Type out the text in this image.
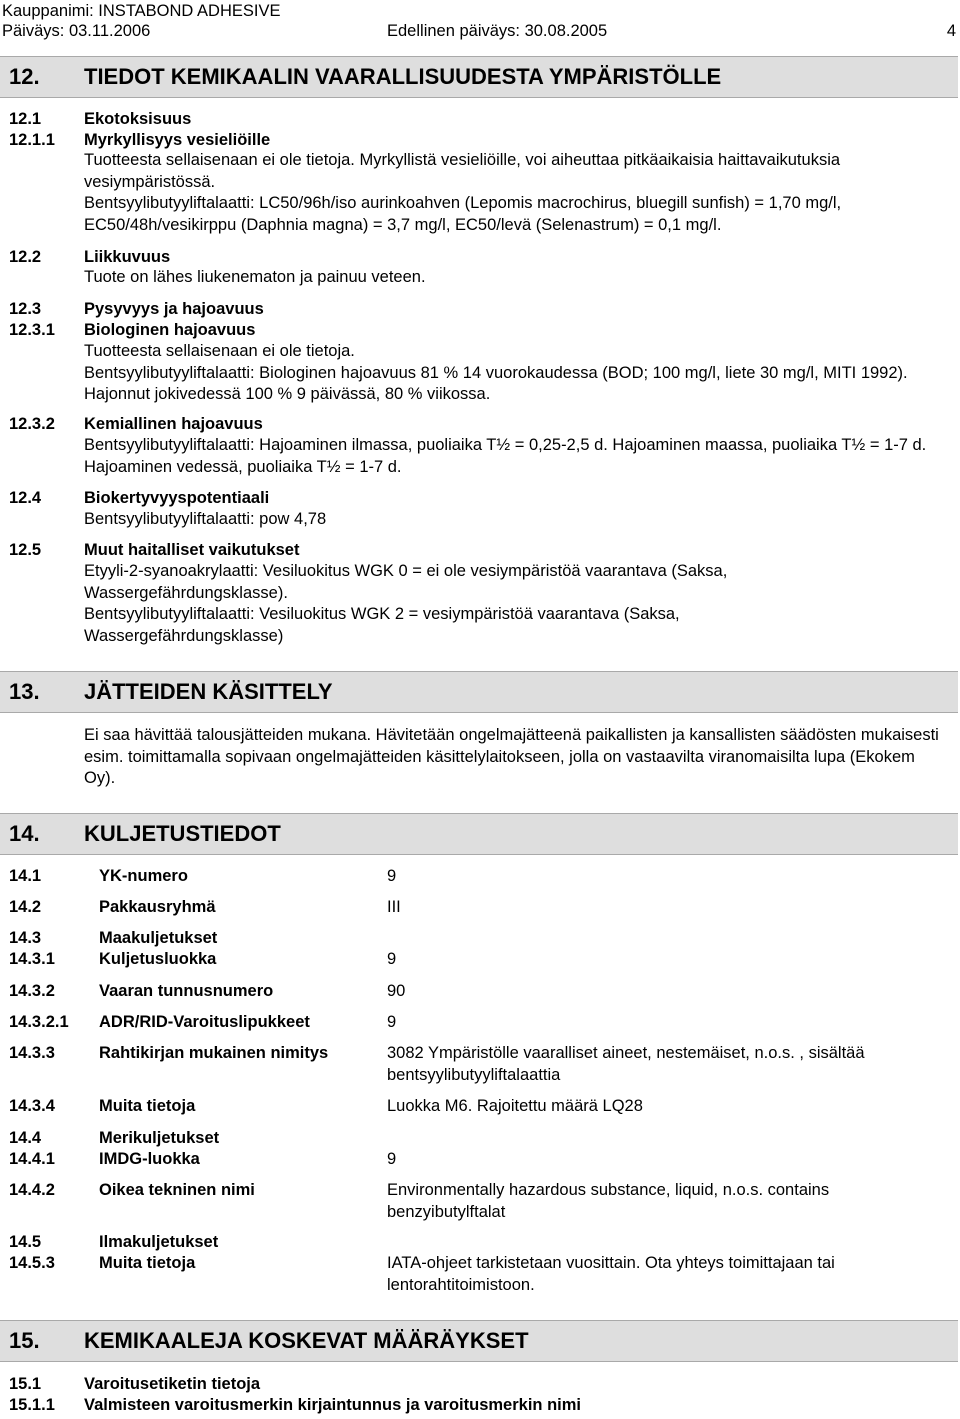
Kauppanimi: INSTABOND ADHESIVE
Päiväys: 03.11.2006	Edellinen päiväys: 30.08.2005	4
12. TIEDOT KEMIKAALIN VAARALLISUUDESTA YMPÄRISTÖLLE
12.1	Ekotoksisuus
12.1.1 Myrkyllisyys vesieliöille

Tuotteesta sellaisenaan ei ole tietoja. Myrkyllistä vesieliöille, voi aiheuttaa pitkäaikaisia haittavaikutuksia vesiympäristössä.

Bentsyylibutyyliftalaatti: LC50/96h/iso aurinkoahven (Lepomis macrochirus, bluegill sunfish) = 1,70 mg/l, EC50/48h/vesikirppu (Daphnia magna) = 3,7 mg/l, EC50/levä (Selenastrum) = 0,1 mg/l.

12.2	Liikkuvuus

Tuote on lähes liukenematon ja painuu veteen.

12.3	Pysyvyys ja hajoavuus
12.3.1 Biologinen hajoavuus

Tuotteesta sellaisenaan ei ole tietoja.

Bentsyylibutyyliftalaatti: Biologinen hajoavuus 81 % 14 vuorokaudessa (BOD; 100 mg/l, liete 30 mg/l, MITI 1992). Hajonnut jokivedessä 100 % 9 päivässä, 80 % viikossa.

12.3.2 Kemiallinen hajoavuus

Bentsyylibutyyliftalaatti: Hajoaminen ilmassa, puoliaika T½ = 0,25-2,5 d. Hajoaminen maassa, puoliaika T½ = 1-7 d. Hajoaminen vedessä, puoliaika T½ = 1-7 d.

12.4	Biokertyvyyspotentiaali

Bentsyylibutyyliftalaatti: pow 4,78

12.5	Muut haitalliset vaikutukset

Etyyli-2-syanoakrylaatti: Vesiluokitus WGK 0 = ei ole vesiympäristöä vaarantava (Saksa, Wassergefährdungsklasse).

Bentsyylibutyyliftalaatti: Vesiluokitus WGK 2 = vesiympäristöä vaarantava (Saksa, Wassergefährdungsklasse)

13. JÄTTEIDEN KÄSITTELY

Ei saa hävittää talousjätteiden mukana. Hävitetään ongelmajätteenä paikallisten ja kansallisten säädösten mukaisesti esim. toimittamalla sopivaan ongelmajätteiden käsittelylaitokseen, jolla on vastaavilta viranomaisilta lupa (Ekokem Oy).

14. KULJETUSTIEDOT
14.1	YK-numero	9
14.2	Pakkausryhmä	III
14.3	Maakuljetukset
14.3.1	Kuljetusluokka	9
14.3.2	Vaaran tunnusnumero	90
14.3.2.1 ADR/RID-Varoituslipukkeet	9
14.3.3	Rahtikirjan mukainen nimitys	3082 Ympäristölle vaaralliset aineet, nestemäiset, n.o.s. , sisältää bentsyylibutyyliftalaattia
14.3.4	Muita tietoja	Luokka M6. Rajoitettu määrä LQ28
14.4	Merikuljetukset
14.4.1	IMDG-luokka	9
14.4.2	Oikea tekninen nimi	Environmentally hazardous substance, liquid, n.o.s. contains benzyibutylftalat
14.5	Ilmakuljetukset
14.5.3	Muita tietoja	IATA-ohjeet tarkistetaan vuosittain. Ota yhteys toimittajaan tai lentorahtitoimistoon.
15. KEMIKAALEJA KOSKEVAT MÄÄRÄYKSET
15.1	Varoitusetiketin tietoja
15.1.1 Valmisteen varoitusmerkin kirjaintunnus ja varoitusmerkin nimi
